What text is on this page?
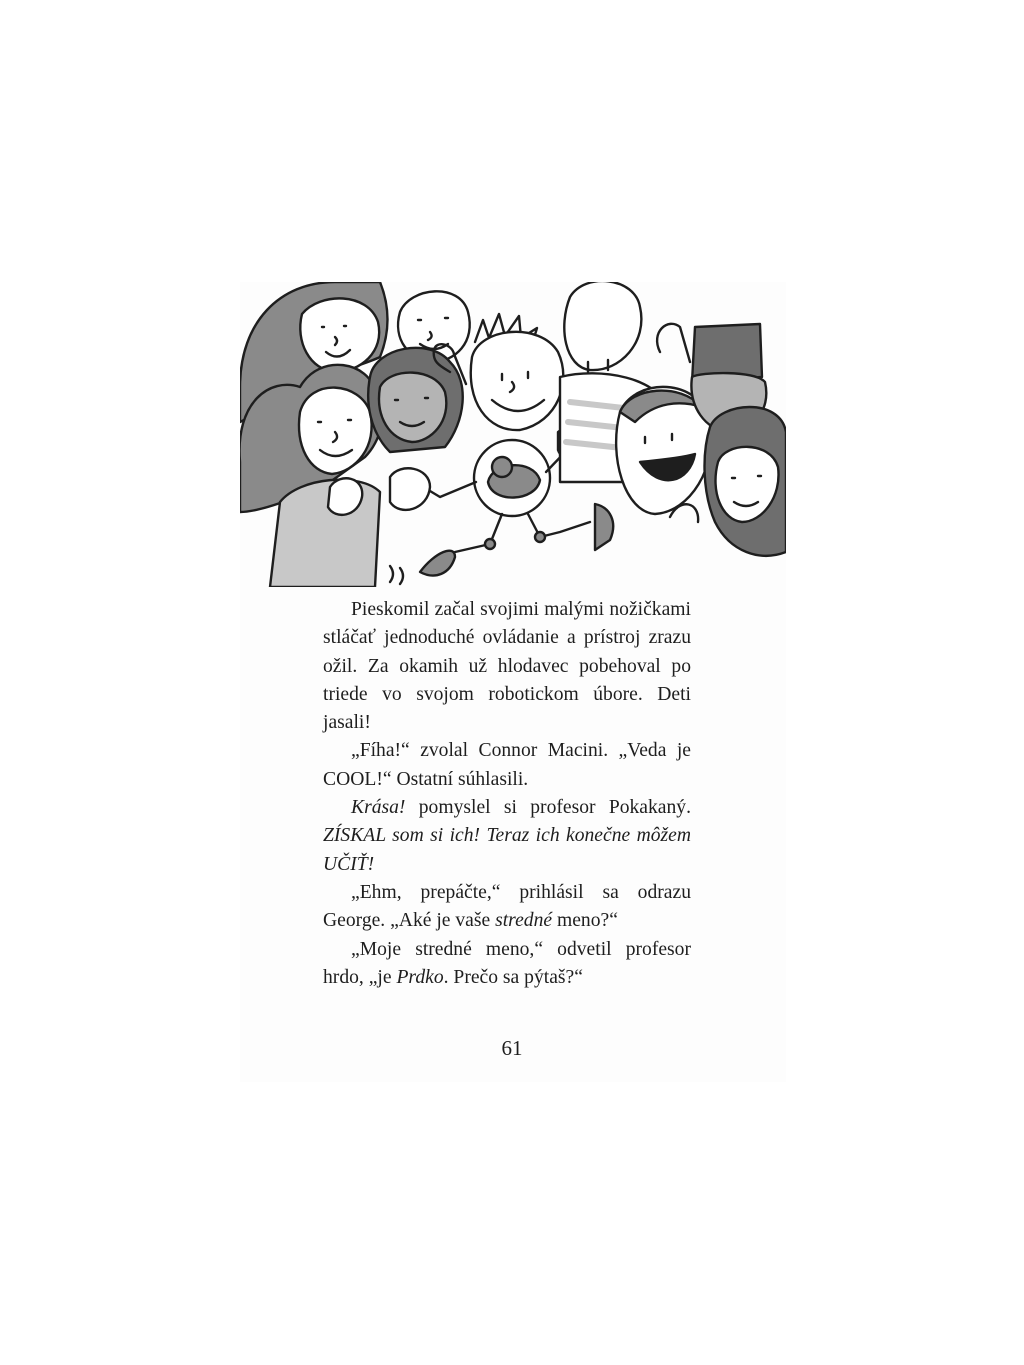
Pieskomil začal svojimi malými nožičkami stláčať jednoduché ovládanie a prístroj zrazu ožil. Za okamih už hlodavec pobehoval po triede vo svojom robotickom úbore. Deti jasali!

„Fíha!“ zvolal Connor Macini. „Veda je COOL!“ Ostatní súhlasili.

Krása! pomyslel si profesor Pokakaný. ZÍSKAL som si ich! Teraz ich konečne môžem UČIŤ!

„Ehm, prepáčte,“ prihlásil sa odrazu George. „Aké je vaše stredné meno?“

„Moje stredné meno,“ odvetil profesor hrdo, „je Prdko. Prečo sa pýtaš?“

61
